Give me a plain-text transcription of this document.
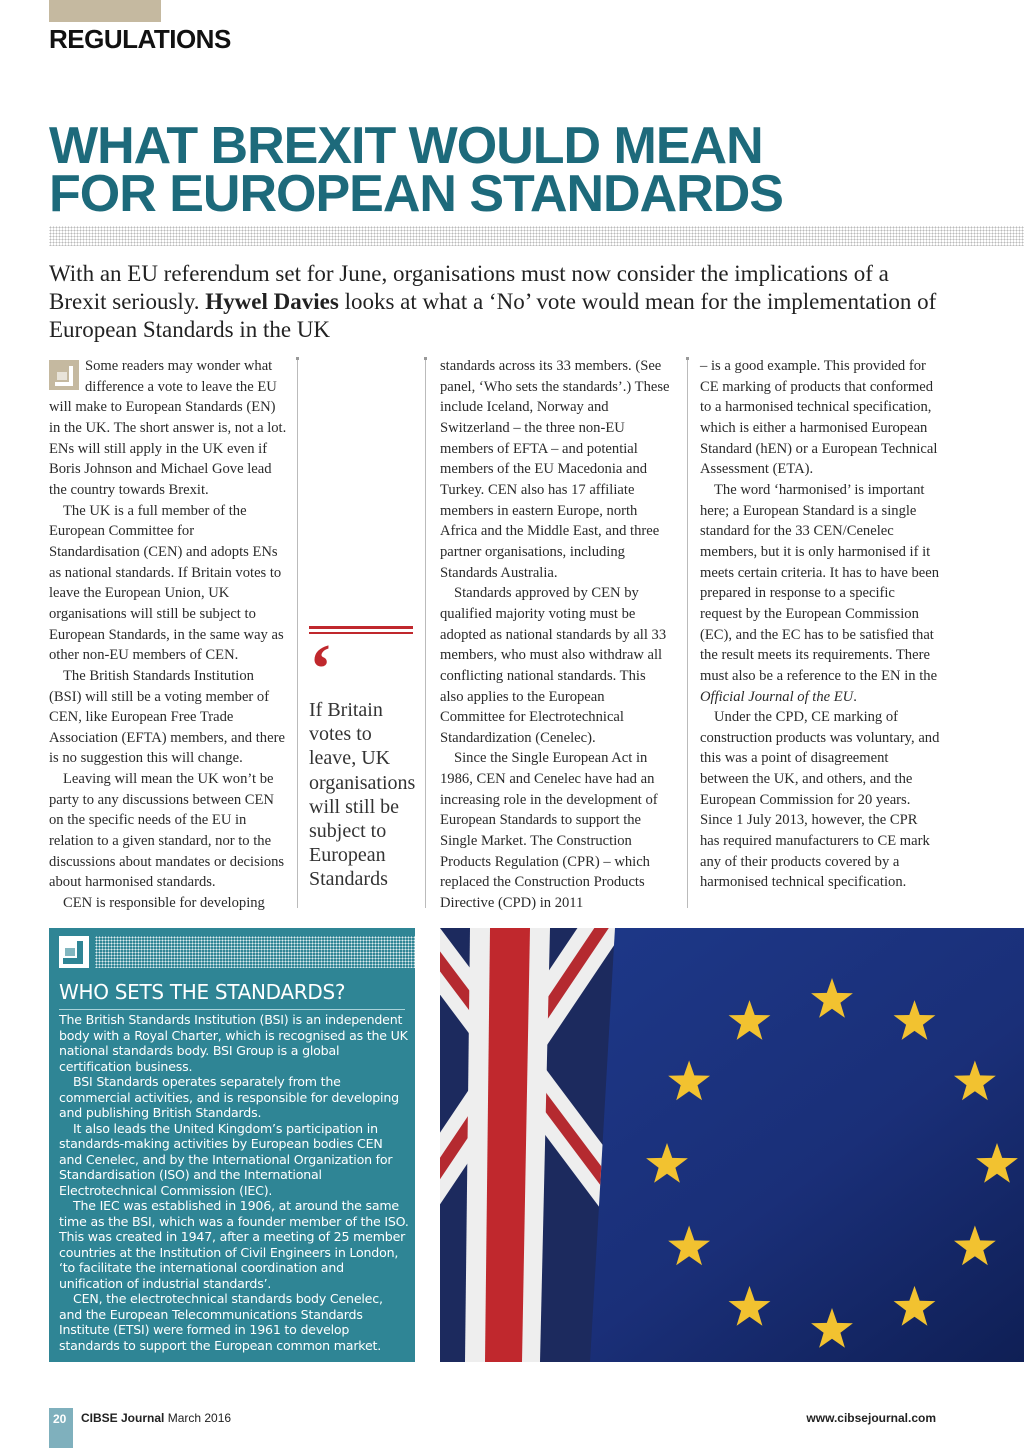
REGULATIONS
WHAT BREXIT WOULD MEAN
FOR EUROPEAN STANDARDS
With an EU referendum set for June, organisations must now consider the implications of a Brexit seriously. Hywel Davies looks at what a ‘No’ vote would mean for the implementation of European Standards in the UK

Some readers may wonder what difference a vote to leave the EU will make to European Standards (EN) in the UK. The short answer is, not a lot. ENs will still apply in the UK even if Boris Johnson and Michael Gove lead the country towards Brexit.

The UK is a full member of the European Committee for Standardisation (CEN) and adopts ENs as national standards. If Britain votes to leave the European Union, UK organisations will still be subject to European Standards, in the same way as other non-EU members of CEN.

The British Standards Institution (BSI) will still be a voting member of CEN, like European Free Trade Association (EFTA) members, and there is no suggestion this will change.

Leaving will mean the UK won’t be party to any discussions between CEN on the specific needs of the EU in relation to a given standard, nor to the discussions about mandates or decisions about harmonised standards.

CEN is responsible for developing

‘
If Britain votes to leave, UK organisations will still be subject to European Standards

standards across its 33 members. (See panel, ‘Who sets the standards’.) These include Iceland, Norway and Switzerland – the three non-EU members of EFTA – and potential members of the EU Macedonia and Turkey. CEN also has 17 affiliate members in eastern Europe, north Africa and the Middle East, and three partner organisations, including Standards Australia.

Standards approved by CEN by qualified majority voting must be adopted as national standards by all 33 members, who must also withdraw all conflicting national standards. This also applies to the European Committee for Electrotechnical Standardization (Cenelec).

Since the Single European Act in 1986, CEN and Cenelec have had an increasing role in the development of European Standards to support the Single Market. The Construction Products Regulation (CPR) – which replaced the Construction Products Directive (CPD) in 2011

– is a good example. This provided for CE marking of products that conformed to a harmonised technical specification, which is either a harmonised European Standard (hEN) or a European Technical Assessment (ETA).

The word ‘harmonised’ is important here; a European Standard is a single standard for the 33 CEN/Cenelec members, but it is only harmonised if it meets certain criteria. It has to have been prepared in response to a specific request by the European Commission (EC), and the EC has to be satisfied that the result meets its requirements. There must also be a reference to the EN in the Official Journal of the EU.

Under the CPD, CE marking of construction products was voluntary, and this was a point of disagreement between the UK, and others, and the European Commission for 20 years. Since 1 July 2013, however, the CPR has required manufacturers to CE mark any of their products covered by a harmonised technical specification.

WHO SETS THE STANDARDS?

The British Standards Institution (BSI) is an independent body with a Royal Charter, which is recognised as the UK national standards body. BSI Group is a global certification business.

BSI Standards operates separately from the commercial activities, and is responsible for developing and publishing British Standards.

It also leads the United Kingdom’s participation in standards-making activities by European bodies CEN and Cenelec, and by the International Organization for Standardisation (ISO) and the International Electrotechnical Commission (IEC).

The IEC was established in 1906, at around the same time as the BSI, which was a founder member of the ISO. This was created in 1947, after a meeting of 25 member countries at the Institution of Civil Engineers in London, ‘to facilitate the international coordination and unification of industrial standards’.

CEN, the electrotechnical standards body Cenelec, and the European Telecommunications Standards Institute (ETSI) were formed in 1961 to develop standards to support the European common market.

20 CIBSE Journal March 2016	www.cibsejournal.com
